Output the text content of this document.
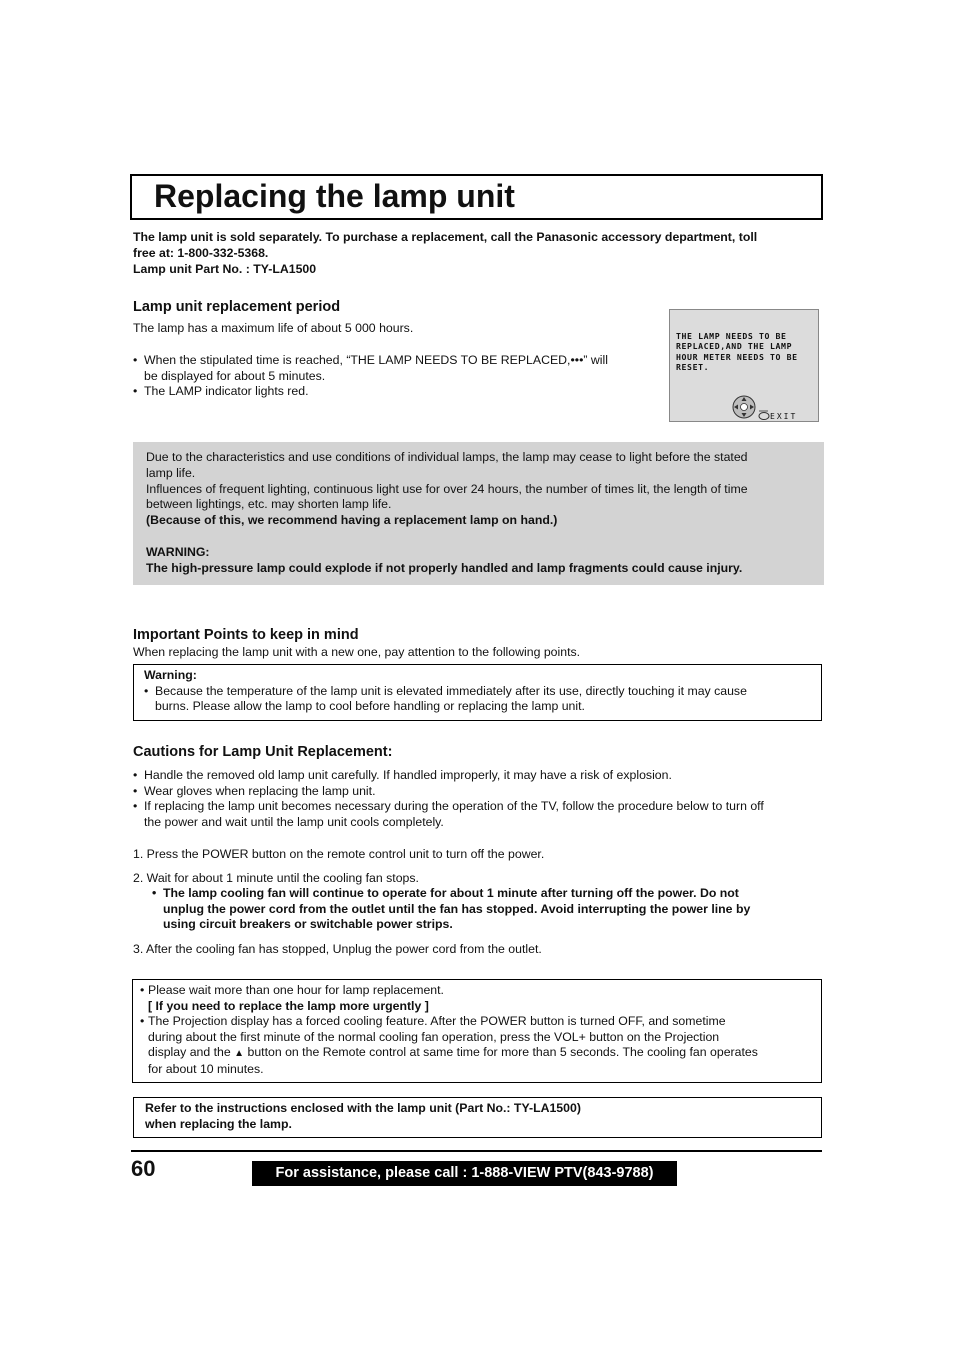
Replacing the lamp unit
The lamp unit is sold separately. To purchase a replacement, call the Panasonic accessory department, toll
free at: 1-800-332-5368.
Lamp unit Part No. : TY-LA1500
Lamp unit replacement period
The lamp has a maximum life of about 5 000 hours.
• When the stipulated time is reached, “THE LAMP NEEDS TO BE REPLACED,•••” will
be displayed for about 5 minutes.
• The LAMP indicator lights red.
THE LAMP NEEDS TO BE
REPLACED,AND THE LAMP
HOUR METER NEEDS TO BE
RESET.
EXIT
Due to the characteristics and use conditions of individual lamps, the lamp may cease to light before the stated
lamp life.
Influences of frequent lighting, continuous light use for over 24 hours, the number of times lit, the length of time
between lightings, etc. may shorten lamp life.
(Because of this, we recommend having a replacement lamp on hand.)
WARNING:
The high-pressure lamp could explode if not properly handled and lamp fragments could cause injury.
Important Points to keep in mind
When replacing the lamp unit with a new one, pay attention to the following points.
Warning:
• Because the temperature of the lamp unit is elevated immediately after its use, directly touching it may cause
burns. Please allow the lamp to cool before handling or replacing the lamp unit.
Cautions for Lamp Unit Replacement:
• Handle the removed old lamp unit carefully. If handled improperly, it may have a risk of explosion.
• Wear gloves when replacing the lamp unit.
• If replacing the lamp unit becomes necessary during the operation of the TV, follow the procedure below to turn off
the power and wait until the lamp unit cools completely.
1. Press the POWER button on the remote control unit to turn off the power.
2. Wait for about 1 minute until the cooling fan stops.
• The lamp cooling fan will continue to operate for about 1 minute after turning off the power. Do not
unplug the power cord from the outlet until the fan has stopped. Avoid interrupting the power line by
using circuit breakers or switchable power strips.
3. After the cooling fan has stopped, Unplug the power cord from the outlet.
• Please wait more than one hour for lamp replacement.
[ If you need to replace the lamp more urgently ]
• The Projection display has a forced cooling feature. After the POWER button is turned OFF, and sometime
during about the first minute of the normal cooling fan operation, press the VOL+ button on the Projection
display and the ▲ button on the Remote control at same time for more than 5 seconds. The cooling fan operates
for about 10 minutes.
Refer to the instructions enclosed with the lamp unit (Part No.: TY-LA1500)
when replacing the lamp.
60	For assistance, please call : 1-888-VIEW PTV(843-9788)
